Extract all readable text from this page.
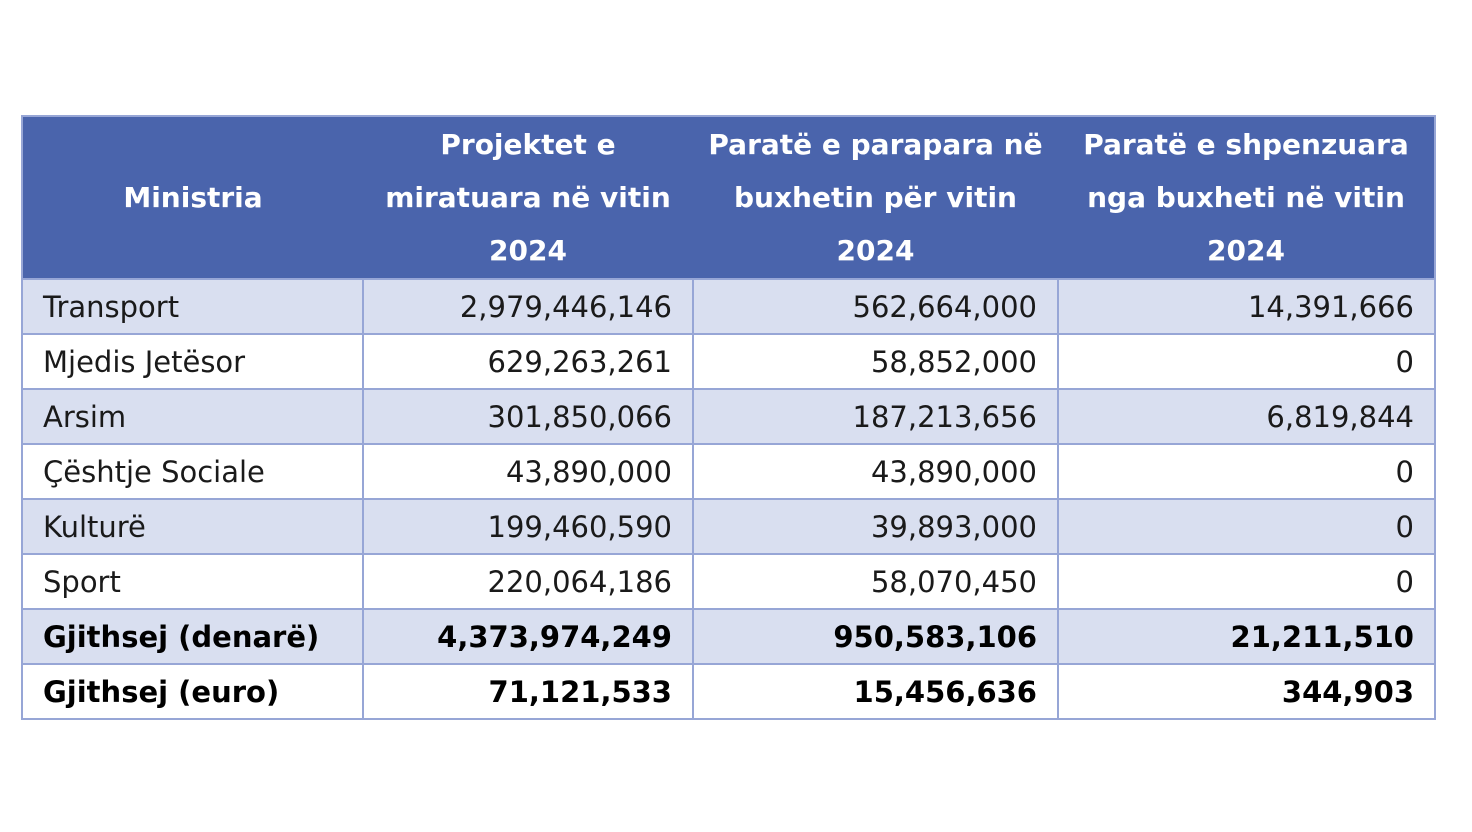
Ministria	Projektet e miratuara në vitin 2024	Paratë e parapara në buxhetin për vitin 2024	Paratë e shpenzuara nga buxheti në vitin 2024
Transport	2,979,446,146	562,664,000	14,391,666
Mjedis Jetësor	629,263,261	58,852,000	0
Arsim	301,850,066	187,213,656	6,819,844
Çështje Sociale	43,890,000	43,890,000	0
Kulturë	199,460,590	39,893,000	0
Sport	220,064,186	58,070,450	0
Gjithsej (denarë)	4,373,974,249	950,583,106	21,211,510
Gjithsej (euro)	71,121,533	15,456,636	344,903
